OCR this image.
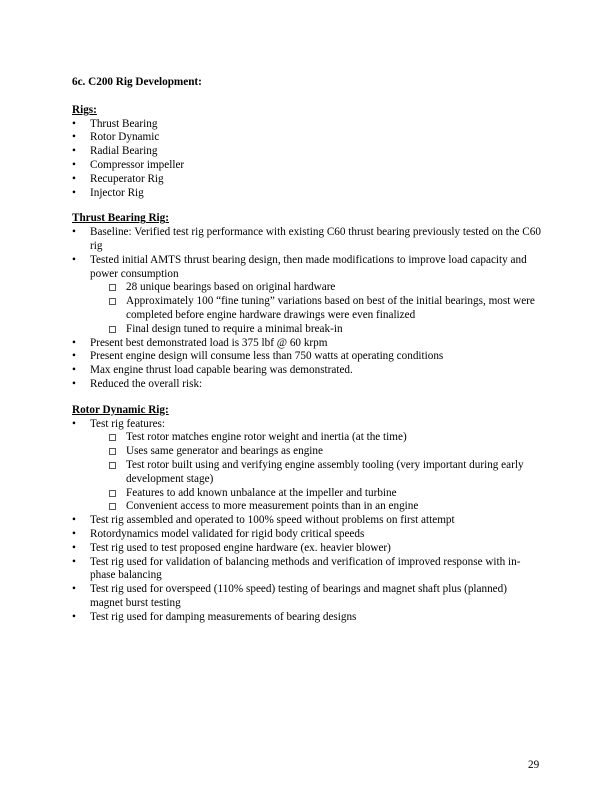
6c. C200 Rig Development:
Rigs:
• Thrust Bearing
• Rotor Dynamic
• Radial Bearing
• Compressor impeller
• Recuperator Rig
• Injector Rig
Thrust Bearing Rig:
• Baseline: Verified test rig performance with existing C60 thrust bearing previously tested on the C60 rig
• Tested initial AMTS thrust bearing design, then made modifications to improve load capacity and power consumption
28 unique bearings based on original hardware
Approximately 100 “fine tuning” variations based on best of the initial bearings, most were completed before engine hardware drawings were even finalized
Final design tuned to require a minimal break-in
• Present best demonstrated load is 375 lbf @ 60 krpm
• Present engine design will consume less than 750 watts at operating conditions
• Max engine thrust load capable bearing was demonstrated.
• Reduced the overall risk:
Rotor Dynamic Rig:
• Test rig features:
Test rotor matches engine rotor weight and inertia (at the time)
Uses same generator and bearings as engine
Test rotor built using and verifying engine assembly tooling (very important during early development stage)
Features to add known unbalance at the impeller and turbine
Convenient access to more measurement points than in an engine
• Test rig assembled and operated to 100% speed without problems on first attempt
• Rotordynamics model validated for rigid body critical speeds
• Test rig used to test proposed engine hardware (ex. heavier blower)
• Test rig used for validation of balancing methods and verification of improved response with in-phase balancing
• Test rig used for overspeed (110% speed) testing of bearings and magnet shaft plus (planned) magnet burst testing
• Test rig used for damping measurements of bearing designs
29
